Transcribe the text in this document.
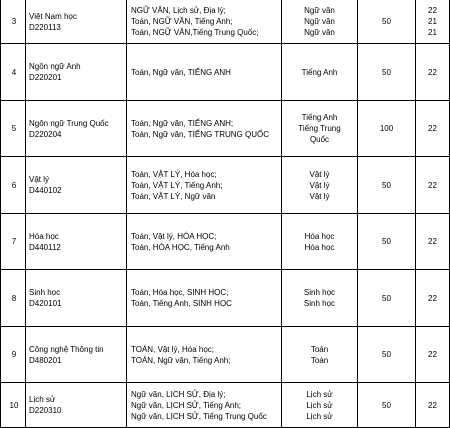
3	Việt Nam học
D220113	NGỮ VĂN, Lịch sử, Địa lý;
Toán, NGỮ VĂN, Tiếng Anh;
Toán, NGỮ VĂN,Tiếng Trung Quốc;	Ngữ văn
Ngữ văn
Ngữ văn	50	22
21
21

4	Ngôn ngữ Anh
D220201	Toán, Ngữ văn, TIẾNG ANH	Tiếng Anh	50	22

5	Ngôn ngữ Trung Quốc
D220204	Toán, Ngữ văn, TIẾNG ANH;
Toán, Ngữ văn, TIẾNG TRUNG QUỐC	Tiếng Anh
Tiếng Trung
Quốc	100	22

6	Vật lý
D440102	Toán, VẬT LÝ, Hóa học;
Toán, VẬT LÝ, Tiếng Anh;
Toán, VẬT LÝ, Ngữ văn	Vật lý
Vật lý
Vật lý	50	22

7	Hóa học
D440112	Toán, Vật lý, HÓA HỌC;
Toán, HÓA HỌC, Tiếng Anh	Hóa học
Hóa học	50	22

8	Sinh học
D420101	Toán, Hóa học, SINH HỌC;
Toán, Tiếng Anh, SINH HỌC	Sinh học
Sinh học	50	22

9	Công nghệ Thông tin
D480201	TOÁN, Vật lý, Hóa học;
TOÁN, Ngữ văn, Tiếng Anh;	Toán
Toán	50	22

10	Lịch sử
D220310	Ngữ văn, LỊCH SỬ, Địa lý;
Ngữ văn, LỊCH SỬ, Tiếng Anh;
Ngữ văn, LỊCH SỬ, Tiếng Trung Quốc	Lịch sử
Lịch sử
Lịch sử	50	22
